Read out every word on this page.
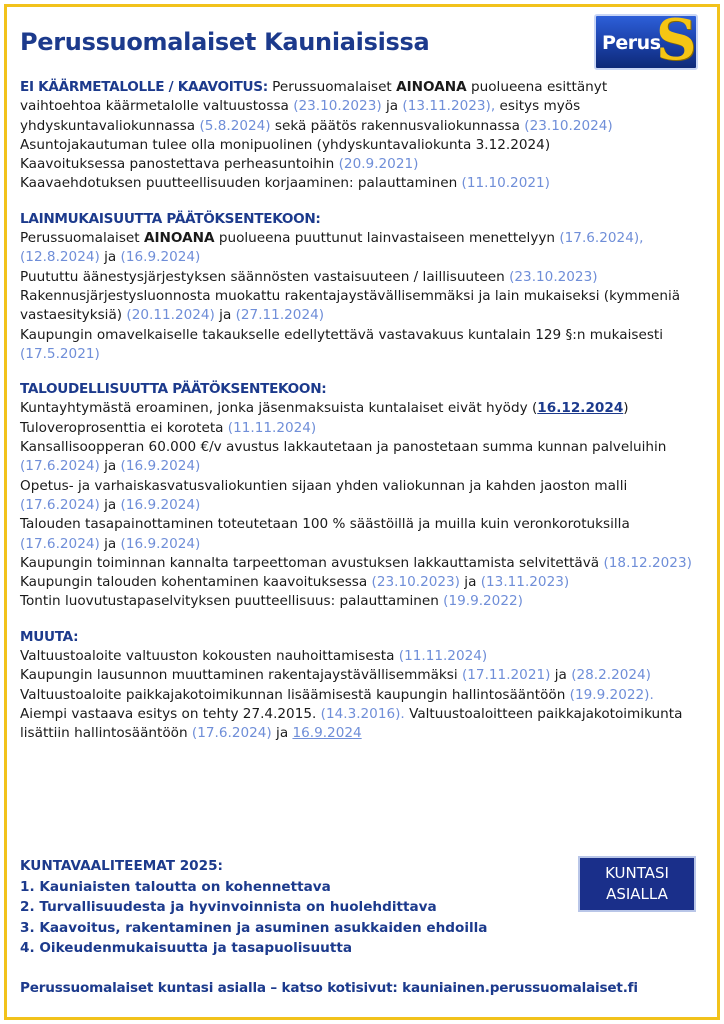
Perussuomalaiset Kauniaisissa	Perus
S
EI KÄÄRMETALOLLE / KAAVOITUS: Perussuomalaiset AINOANA puolueena esittänyt vaihtoehtoa käärmetalolle valtuustossa (23.10.2023) ja (13.11.2023), esitys myös yhdyskuntavaliokunnassa (5.8.2024) sekä päätös rakennusvaliokunnassa (23.10.2024)
Asuntojakautuman tulee olla monipuolinen (yhdyskuntavaliokunta 3.12.2024)
Kaavoituksessa panostettava perheasuntoihin (20.9.2021)
Kaavaehdotuksen puutteellisuuden korjaaminen: palauttaminen (11.10.2021)
LAINMUKAISUUTTA PÄÄTÖKSENTEKOON:
Perussuomalaiset AINOANA puolueena puuttunut lainvastaiseen menettelyyn (17.6.2024), (12.8.2024) ja (16.9.2024)
Puututtu äänestysjärjestyksen säännösten vastaisuuteen / laillisuuteen (23.10.2023)
Rakennusjärjestysluonnosta muokattu rakentajaystävällisemmäksi ja lain mukaiseksi (kymmeniä vastaesityksiä) (20.11.2024) ja (27.11.2024)
Kaupungin omavelkaiselle takaukselle edellytettävä vastavakuus kuntalain 129 §:n mukaisesti (17.5.2021)
TALOUDELLISUUTTA PÄÄTÖKSENTEKOON:
Kuntayhtymästä eroaminen, jonka jäsenmaksuista kuntalaiset eivät hyödy (16.12.2024)
Tuloveroprosenttia ei koroteta (11.11.2024)
Kansallisoopperan 60.000 €/v avustus lakkautetaan ja panostetaan summa kunnan palveluihin (17.6.2024) ja (16.9.2024)
Opetus- ja varhaiskasvatusvaliokuntien sijaan yhden valiokunnan ja kahden jaoston malli (17.6.2024) ja (16.9.2024)
Talouden tasapainottaminen toteutetaan 100 % säästöillä ja muilla kuin veronkorotuksilla (17.6.2024) ja (16.9.2024)
Kaupungin toiminnan kannalta tarpeettoman avustuksen lakkauttamista selvitettävä (18.12.2023)
Kaupungin talouden kohentaminen kaavoituksessa (23.10.2023) ja (13.11.2023)
Tontin luovutustapaselvityksen puutteellisuus: palauttaminen (19.9.2022)
MUUTA:
Valtuustoaloite valtuuston kokousten nauhoittamisesta (11.11.2024)
Kaupungin lausunnon muuttaminen rakentajaystävällisemmäksi (17.11.2021) ja (28.2.2024)
Valtuustoaloite paikkajakotoimikunnan lisäämisestä kaupungin hallintosääntöön (19.9.2022). Aiempi vastaava esitys on tehty 27.4.2015. (14.3.2016). Valtuustoaloitteen paikkajakotoimikunta lisättiin hallintosääntöön (17.6.2024) ja 16.9.2024
KUNTAVAALITEEMAT 2025:
1. Kauniaisten taloutta on kohennettava
2. Turvallisuudesta ja hyvinvoinnista on huolehdittava
3. Kaavoitus, rakentaminen ja asuminen asukkaiden ehdoilla
4. Oikeudenmukaisuutta ja tasapuolisuutta
KUNTASI
ASIALLA
Perussuomalaiset kuntasi asialla – katso kotisivut: kauniainen.perussuomalaiset.fi
